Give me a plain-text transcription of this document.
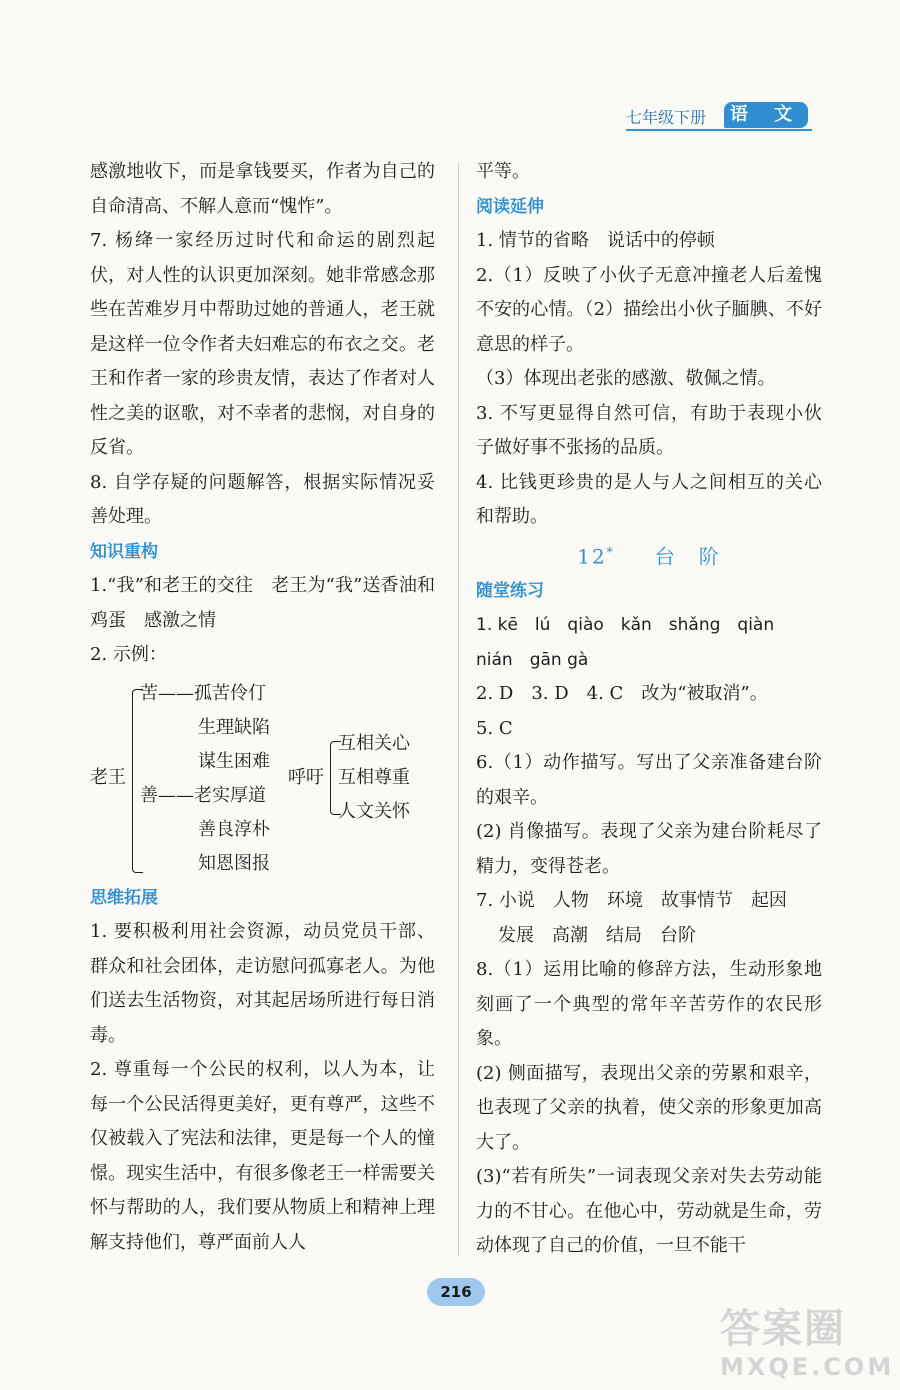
七年级下册	语 文

感激地收下，而是拿钱要买，作者为自己的自命清高、不解人意而“愧怍”。

7. 杨绛一家经历过时代和命运的剧烈起伏，对人性的认识更加深刻。她非常感念那些在苦难岁月中帮助过她的普通人，老王就是这样一位令作者夫妇难忘的布衣之交。老王和作者一家的珍贵友情，表达了作者对人性之美的讴歌，对不幸者的悲悯，对自身的反省。

8. 自学存疑的问题解答，根据实际情况妥善处理。

知识重构

1.“我”和老王的交往　老王为“我”送香油和鸡蛋　感激之情

2. 示例：

老王
苦——孤苦伶仃
生理缺陷
谋生困难
善——老实厚道
善良淳朴
知恩图报
呼吁
互相关心
互相尊重
人文关怀

思维拓展

1. 要积极利用社会资源，动员党员干部、群众和社会团体，走访慰问孤寡老人。为他们送去生活物资，对其起居场所进行每日消毒。

2. 尊重每一个公民的权利，以人为本，让每一个公民活得更美好，更有尊严，这些不仅被载入了宪法和法律，更是每一个人的憧憬。现实生活中，有很多像老王一样需要关怀与帮助的人，我们要从物质上和精神上理解支持他们，尊严面前人人

平等。

阅读延伸

1. 情节的省略　说话中的停顿

2.（1）反映了小伙子无意冲撞老人后羞愧不安的心情。（2）描绘出小伙子腼腆、不好意思的样子。

（3）体现出老张的感激、敬佩之情。

3. 不写更显得自然可信，有助于表现小伙子做好事不张扬的品质。

4. 比钱更珍贵的是人与人之间相互的关心和帮助。

12* 台　阶

随堂练习

1. kē　lú　qiào　kǎn　shǎng　qiàn

nián　gān gà

2. D　3. D　4. C　改为“被取消”。

5. C

6.（1）动作描写。写出了父亲准备建台阶的艰辛。

(2) 肖像描写。表现了父亲为建台阶耗尽了精力，变得苍老。

7. 小说　人物　环境　故事情节　起因

发展　高潮　结局　台阶

8.（1）运用比喻的修辞方法，生动形象地刻画了一个典型的常年辛苦劳作的农民形象。

(2) 侧面描写，表现出父亲的劳累和艰辛，也表现了父亲的执着，使父亲的形象更加高大了。

(3)“若有所失”一词表现父亲对失去劳动能力的不甘心。在他心中，劳动就是生命，劳动体现了自己的价值，一旦不能干

216
答案圈
MXQE.COM
